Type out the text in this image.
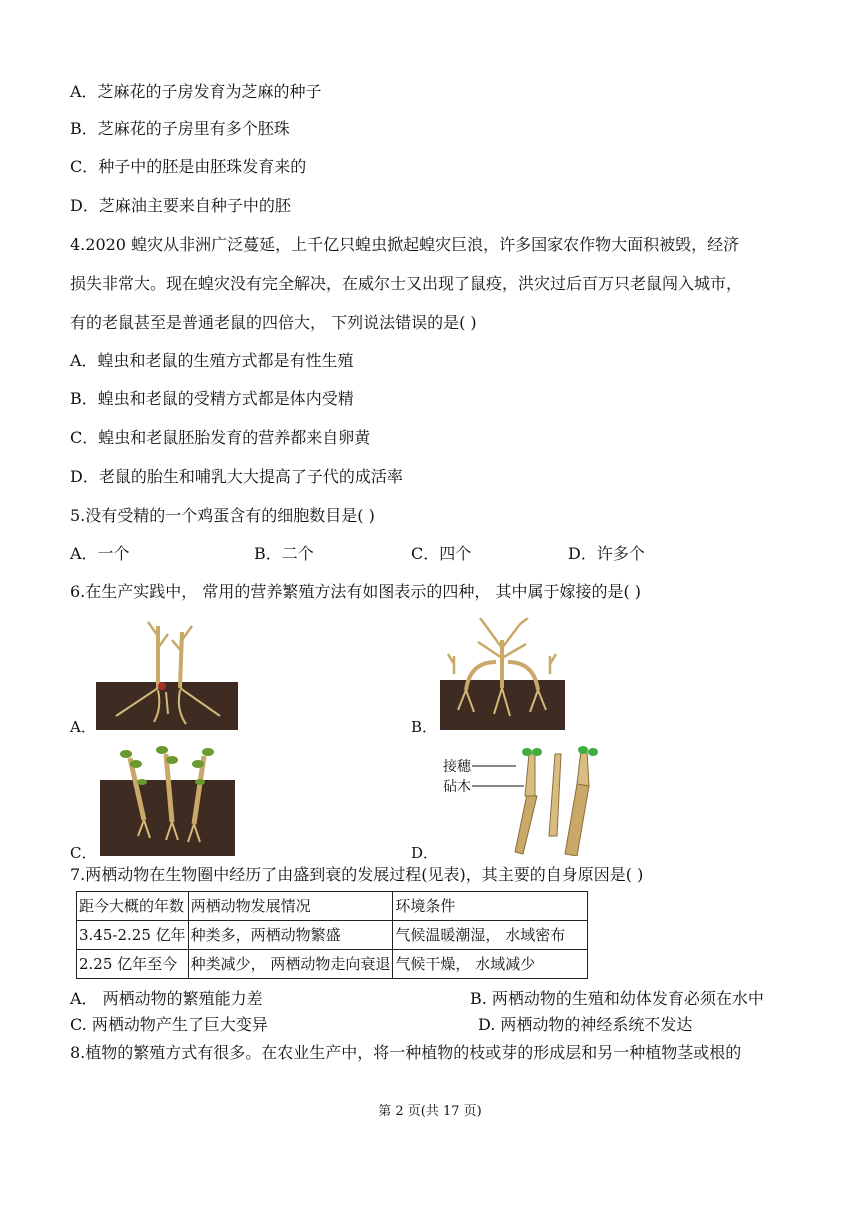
A．芝麻花的子房发育为芝麻的种子
B．芝麻花的子房里有多个胚珠
C．种子中的胚是由胚珠发育来的
D．芝麻油主要来自种子中的胚
4.2020 蝗灾从非洲广泛蔓延，上千亿只蝗虫掀起蝗灾巨浪，许多国家农作物大面积被毁，经济
损失非常大。现在蝗灾没有完全解决，在威尔士又出现了鼠疫，洪灾过后百万只老鼠闯入城市，
有的老鼠甚至是普通老鼠的四倍大， 下列说法错误的是( )
A．蝗虫和老鼠的生殖方式都是有性生殖
B．蝗虫和老鼠的受精方式都是体内受精
C．蝗虫和老鼠胚胎发育的营养都来自卵黄
D．老鼠的胎生和哺乳大大提高了子代的成活率
5.没有受精的一个鸡蛋含有的细胞数目是( )
A．一个	B．二个	C．四个	D．许多个
6.在生产实践中， 常用的营养繁殖方法有如图表示的四种， 其中属于嫁接的是( )
A．	B．
C．
接穗
砧木
D．
7.两栖动物在生物圈中经历了由盛到衰的发展过程(见表)，其主要的自身原因是( )
距今大概的年数	两栖动物发展情况	环境条件
3.45-2.25 亿年	种类多，两栖动物繁盛	气候温暖潮湿， 水域密布
2.25 亿年至今	种类减少， 两栖动物走向衰退	气候干燥， 水域减少
A． 两栖动物的繁殖能力差	B. 两栖动物的生殖和幼体发育必须在水中
C. 两栖动物产生了巨大变异	D. 两栖动物的神经系统不发达
8.植物的繁殖方式有很多。在农业生产中，将一种植物的枝或芽的形成层和另一种植物茎或根的
第 2 页(共 17 页)
